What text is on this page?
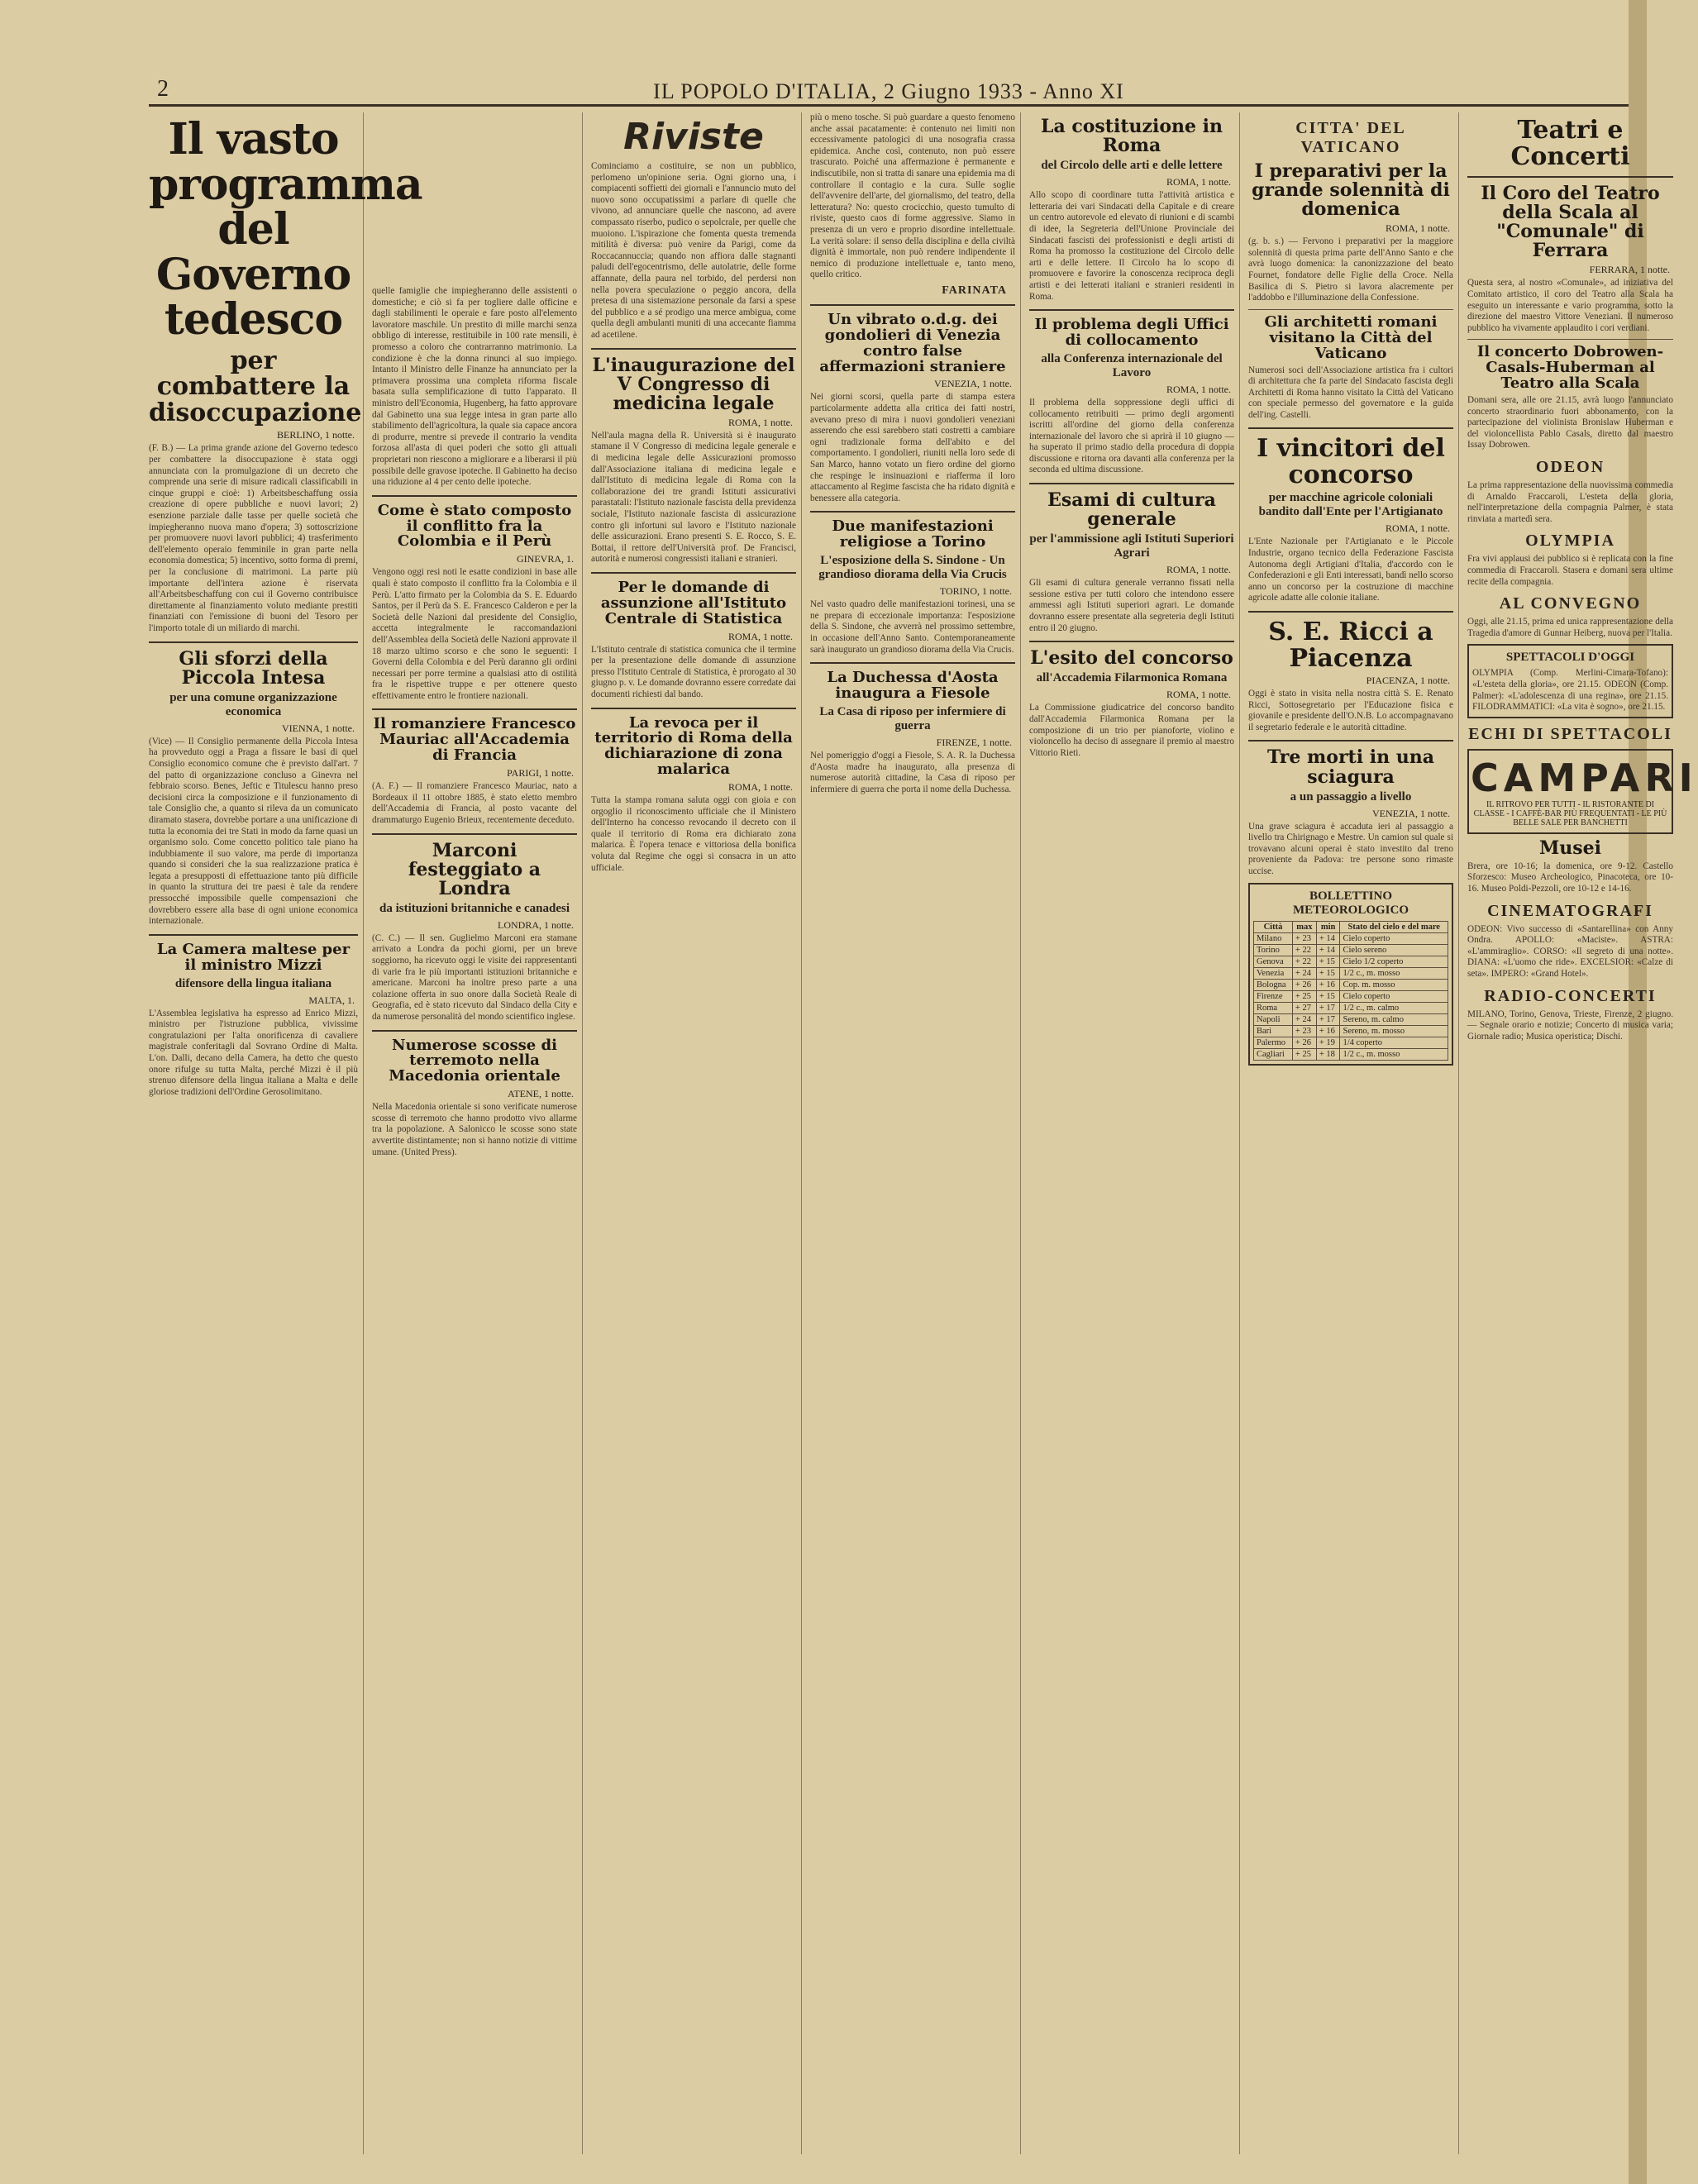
2	IL POPOLO D'ITALIA, 2 Giugno 1933 - Anno XI
Il vasto programma del Governo tedesco
per combattere la disoccupazione
BERLINO, 1 notte.
(F. B.) — La prima grande azione del Governo tedesco per combattere la disoccupazione è stata oggi annunciata con la promulgazione di un decreto che comprende una serie di misure radicali classificabili in cinque gruppi e cioè: 1) Arbeitsbeschaffung ossia creazione di opere pubbliche e nuovi lavori; 2) esenzione parziale dalle tasse per quelle società che impiegheranno nuova mano d'opera; 3) sottoscrizione per promuovere nuovi lavori pubblici; 4) trasferimento dell'elemento operaio femminile in gran parte nella economia domestica; 5) incentivo, sotto forma di premi, per la conclusione di matrimoni. La parte più importante dell'intera azione è riservata all'Arbeitsbeschaffung con cui il Governo contribuisce direttamente al finanziamento voluto mediante prestiti finanziati con l'emissione di buoni del Tesoro per l'importo totale di un miliardo di marchi.
Gli sforzi della Piccola Intesa
per una comune organizzazione economica
VIENNA, 1 notte.
(Vice) — Il Consiglio permanente della Piccola Intesa ha provveduto oggi a Praga a fissare le basi di quel Consiglio economico comune che è previsto dall'art. 7 del patto di organizzazione concluso a Ginevra nel febbraio scorso. Benes, Jeftic e Titulescu hanno preso decisioni circa la composizione e il funzionamento di tale Consiglio che, a quanto si rileva da un comunicato diramato stasera, dovrebbe portare a una unificazione di tutta la economia dei tre Stati in modo da farne quasi un organismo solo. Come concetto politico tale piano ha indubbiamente il suo valore, ma perde di importanza quando si consideri che la sua realizzazione pratica è legata a presupposti di effettuazione tanto più difficile in quanto la struttura dei tre paesi è tale da rendere pressocché impossibile quelle compensazioni che dovrebbero essere alla base di ogni unione economica internazionale.
La Camera maltese per il ministro Mizzi
difensore della lingua italiana
MALTA, 1.
L'Assemblea legislativa ha espresso ad Enrico Mizzi, ministro per l'istruzione pubblica, vivissime congratulazioni per l'alta onorificenza di cavaliere magistrale conferitagli dal Sovrano Ordine di Malta. L'on. Dalli, decano della Camera, ha detto che questo onore rifulge su tutta Malta, perché Mizzi è il più strenuo difensore della lingua italiana a Malta e delle gloriose tradizioni dell'Ordine Gerosolimitano.
quelle famiglie che impiegheranno delle assistenti o domestiche; e ciò si fa per togliere dalle officine e dagli stabilimenti le operaie e fare posto all'elemento lavoratore maschile. Un prestito di mille marchi senza obbligo di interesse, restituibile in 100 rate mensili, è promesso a coloro che contrarranno matrimonio. La condizione è che la donna rinunci al suo impiego. Intanto il Ministro delle Finanze ha annunciato per la primavera prossima una completa riforma fiscale basata sulla semplificazione di tutto l'apparato. Il ministro dell'Economia, Hugenberg, ha fatto approvare dal Gabinetto una sua legge intesa in gran parte allo stabilimento dell'agricoltura, la quale sia capace ancora di produrre, mentre si prevede il contrario la vendita forzosa all'asta di quei poderi che sotto gli attuali proprietari non riescono a migliorare e a liberarsi il più possibile delle gravose ipoteche. Il Gabinetto ha deciso una riduzione al 4 per cento delle ipoteche.
Come è stato composto il conflitto fra la Colombia e il Perù
GINEVRA, 1.
Vengono oggi resi noti le esatte condizioni in base alle quali è stato composto il conflitto fra la Colombia e il Perù. L'atto firmato per la Colombia da S. E. Eduardo Santos, per il Perù da S. E. Francesco Calderon e per la Società delle Nazioni dal presidente del Consiglio, accetta integralmente le raccomandazioni dell'Assemblea della Società delle Nazioni approvate il 18 marzo ultimo scorso e che sono le seguenti: I Governi della Colombia e del Perù daranno gli ordini necessari per porre termine a qualsiasi atto di ostilità fra le rispettive truppe e per ottenere questo effettivamente entro le frontiere nazionali.
Il romanziere Francesco Mauriac all'Accademia di Francia
PARIGI, 1 notte.
(A. F.) — Il romanziere Francesco Mauriac, nato a Bordeaux il 11 ottobre 1885, è stato eletto membro dell'Accademia di Francia, al posto vacante del drammaturgo Eugenio Brieux, recentemente deceduto.
Marconi festeggiato a Londra
da istituzioni britanniche e canadesi
LONDRA, 1 notte.
(C. C.) — Il sen. Guglielmo Marconi era stamane arrivato a Londra da pochi giorni, per un breve soggiorno, ha ricevuto oggi le visite dei rappresentanti di varie fra le più importanti istituzioni britanniche e americane. Marconi ha inoltre preso parte a una colazione offerta in suo onore dalla Società Reale di Geografia, ed è stato ricevuto dal Sindaco della City e da numerose personalità del mondo scientifico inglese.
Numerose scosse di terremoto nella Macedonia orientale
ATENE, 1 notte.
Nella Macedonia orientale si sono verificate numerose scosse di terremoto che hanno prodotto vivo allarme tra la popolazione. A Salonicco le scosse sono state avvertite distintamente; non si hanno notizie di vittime umane. (United Press).
Riviste
Cominciamo a costituire, se non un pubblico, perlomeno un'opinione seria. Ogni giorno una, i compiacenti soffietti dei giornali e l'annuncio muto del nuovo sono occupatissimi a parlare di quelle che vivono, ad annunciare quelle che nascono, ad avere compassato riserbo, pudico o sepolcrale, per quelle che muoiono. L'ispirazione che fomenta questa tremenda mitilità è diversa: può venire da Parigi, come da Roccacannuccia; quando non affiora dalle stagnanti paludi dell'egocentrismo, delle autolatrie, delle forme affannate, della paura nel torbido, del perdersi non nella povera speculazione o peggio ancora, della pretesa di una sistemazione personale da farsi a spese del pubblico e a sé prodigo una merce ambigua, come quella degli ambulanti muniti di una accecante fiamma ad acetilene.
L'inaugurazione del V Congresso di medicina legale
ROMA, 1 notte.
Nell'aula magna della R. Università si è inaugurato stamane il V Congresso di medicina legale generale e di medicina legale delle Assicurazioni promosso dall'Associazione italiana di medicina legale e dall'Istituto di medicina legale di Roma con la collaborazione dei tre grandi Istituti assicurativi parastatali: l'Istituto nazionale fascista della previdenza sociale, l'Istituto nazionale fascista di assicurazione contro gli infortuni sul lavoro e l'Istituto nazionale delle assicurazioni. Erano presenti S. E. Rocco, S. E. Bottai, il rettore dell'Università prof. De Francisci, autorità e numerosi congressisti italiani e stranieri.
Per le domande di assunzione all'Istituto Centrale di Statistica
ROMA, 1 notte.
L'Istituto centrale di statistica comunica che il termine per la presentazione delle domande di assunzione presso l'Istituto Centrale di Statistica, è prorogato al 30 giugno p. v. Le domande dovranno essere corredate dai documenti richiesti dal bando.
La revoca per il territorio di Roma della dichiarazione di zona malarica
ROMA, 1 notte.
Tutta la stampa romana saluta oggi con gioia e con orgoglio il riconoscimento ufficiale che il Ministero dell'Interno ha concesso revocando il decreto con il quale il territorio di Roma era dichiarato zona malarica. È l'opera tenace e vittoriosa della bonifica voluta dal Regime che oggi si consacra in un atto ufficiale.
più o meno tosche. Si può guardare a questo fenomeno anche assai pacatamente: è contenuto nei limiti non eccessivamente patologici di una nosografia crassa epidemica. Anche così, contenuto, non può essere trascurato. Poiché una affermazione è permanente e indiscutibile, non si tratta di sanare una epidemia ma di controllare il contagio e la cura. Sulle soglie dell'avvenire dell'arte, del giornalismo, del teatro, della letteratura? No: questo crocicchio, questo tumulto di riviste, questo caos di forme aggressive. Siamo in presenza di un vero e proprio disordine intellettuale. La verità solare: il senso della disciplina e della civiltà dignità è immortale, non può rendere indipendente il nemico di produzione intellettuale e, tanto meno, quello critico.
FARINATA
Un vibrato o.d.g. dei gondolieri di Venezia contro false affermazioni straniere
VENEZIA, 1 notte.
Nei giorni scorsi, quella parte di stampa estera particolarmente addetta alla critica dei fatti nostri, avevano preso di mira i nuovi gondolieri veneziani asserendo che essi sarebbero stati costretti a cambiare ogni tradizionale forma dell'abito e del comportamento. I gondolieri, riuniti nella loro sede di San Marco, hanno votato un fiero ordine del giorno che respinge le insinuazioni e riafferma il loro attaccamento al Regime fascista che ha ridato dignità e benessere alla categoria.
Due manifestazioni religiose a Torino
L'esposizione della S. Sindone - Un grandioso diorama della Via Crucis
TORINO, 1 notte.
Nel vasto quadro delle manifestazioni torinesi, una se ne prepara di eccezionale importanza: l'esposizione della S. Sindone, che avverrà nel prossimo settembre, in occasione dell'Anno Santo. Contemporaneamente sarà inaugurato un grandioso diorama della Via Crucis.
La Duchessa d'Aosta inaugura a Fiesole
La Casa di riposo per infermiere di guerra
FIRENZE, 1 notte.
Nel pomeriggio d'oggi a Fiesole, S. A. R. la Duchessa d'Aosta madre ha inaugurato, alla presenza di numerose autorità cittadine, la Casa di riposo per infermiere di guerra che porta il nome della Duchessa.
La costituzione in Roma
del Circolo delle arti e delle lettere
ROMA, 1 notte.
Allo scopo di coordinare tutta l'attività artistica e letteraria dei vari Sindacati della Capitale e di creare un centro autorevole ed elevato di riunioni e di scambi di idee, la Segreteria dell'Unione Provinciale dei Sindacati fascisti dei professionisti e degli artisti di Roma ha promosso la costituzione del Circolo delle arti e delle lettere. Il Circolo ha lo scopo di promuovere e favorire la conoscenza reciproca degli artisti e dei letterati italiani e stranieri residenti in Roma.
Il problema degli Uffici di collocamento
alla Conferenza internazionale del Lavoro
ROMA, 1 notte.
Il problema della soppressione degli uffici di collocamento retribuiti — primo degli argomenti iscritti all'ordine del giorno della conferenza internazionale del lavoro che si aprirà il 10 giugno — ha superato il primo stadio della procedura di doppia discussione e ritorna ora davanti alla conferenza per la seconda ed ultima discussione.
Esami di cultura generale
per l'ammissione agli Istituti Superiori Agrari
ROMA, 1 notte.
Gli esami di cultura generale verranno fissati nella sessione estiva per tutti coloro che intendono essere ammessi agli Istituti superiori agrari. Le domande dovranno essere presentate alla segreteria degli Istituti entro il 20 giugno.
L'esito del concorso
all'Accademia Filarmonica Romana
ROMA, 1 notte.
La Commissione giudicatrice del concorso bandito dall'Accademia Filarmonica Romana per la composizione di un trio per pianoforte, violino e violoncello ha deciso di assegnare il premio al maestro Vittorio Rieti.
CITTA' DEL VATICANO
I preparativi per la grande solennità di domenica
ROMA, 1 notte.
(g. b. s.) — Fervono i preparativi per la maggiore solennità di questa prima parte dell'Anno Santo e che avrà luogo domenica: la canonizzazione del beato Fournet, fondatore delle Figlie della Croce. Nella Basilica di S. Pietro si lavora alacremente per l'addobbo e l'illuminazione della Confessione.
Gli architetti romani visitano la Città del Vaticano
Numerosi soci dell'Associazione artistica fra i cultori di architettura che fa parte del Sindacato fascista degli Architetti di Roma hanno visitato la Città del Vaticano con speciale permesso del governatore e la guida dell'ing. Castelli.
I vincitori del concorso
per macchine agricole coloniali bandito dall'Ente per l'Artigianato
ROMA, 1 notte.
L'Ente Nazionale per l'Artigianato e le Piccole Industrie, organo tecnico della Federazione Fascista Autonoma degli Artigiani d'Italia, d'accordo con le Confederazioni e gli Enti interessati, bandì nello scorso anno un concorso per la costruzione di macchine agricole adatte alle colonie italiane.
S. E. Ricci a Piacenza
PIACENZA, 1 notte.
Oggi è stato in visita nella nostra città S. E. Renato Ricci, Sottosegretario per l'Educazione fisica e giovanile e presidente dell'O.N.B. Lo accompagnavano il segretario federale e le autorità cittadine.
Tre morti in una sciagura
a un passaggio a livello
VENEZIA, 1 notte.
Una grave sciagura è accaduta ieri al passaggio a livello tra Chirignago e Mestre. Un camion sul quale si trovavano alcuni operai è stato investito dal treno proveniente da Padova: tre persone sono rimaste uccise.
BOLLETTINO METEOROLOGICO
Città	max	min	Stato del cielo e del mare
Milano	+ 23	+ 14	Cielo coperto
Torino	+ 22	+ 14	Cielo sereno
Genova	+ 22	+ 15	Cielo 1/2 coperto
Venezia	+ 24	+ 15	1/2 c., m. mosso
Bologna	+ 26	+ 16	Cop. m. mosso
Firenze	+ 25	+ 15	Cielo coperto
Roma	+ 27	+ 17	1/2 c., m. calmo
Napoli	+ 24	+ 17	Sereno, m. calmo
Bari	+ 23	+ 16	Sereno, m. mosso
Palermo	+ 26	+ 19	1/4 coperto
Cagliari	+ 25	+ 18	1/2 c., m. mosso
Teatri e Concerti
Il Coro del Teatro della Scala al "Comunale" di Ferrara
FERRARA, 1 notte.
Questa sera, al nostro «Comunale», ad iniziativa del Comitato artistico, il coro del Teatro alla Scala ha eseguito un interessante e vario programma, sotto la direzione del maestro Vittore Veneziani. Il numeroso pubblico ha vivamente applaudito i cori verdiani.
Il concerto Dobrowen-Casals-Huberman al Teatro alla Scala
Domani sera, alle ore 21.15, avrà luogo l'annunciato concerto straordinario fuori abbonamento, con la partecipazione del violinista Bronislaw Huberman e del violoncellista Pablo Casals, diretto dal maestro Issay Dobrowen.
ODEON
La prima rappresentazione della nuovissima commedia di Arnaldo Fraccaroli, L'esteta della gloria, nell'interpretazione della compagnia Palmer, è stata rinviata a martedì sera.
OLYMPIA
Fra vivi applausi dei pubblico si è replicata con la fine commedia di Fraccaroli. Stasera e domani sera ultime recite della compagnia.
AL CONVEGNO
Oggi, alle 21.15, prima ed unica rappresentazione della Tragedia d'amore di Gunnar Heiberg, nuova per l'Italia.
SPETTACOLI D'OGGI
OLYMPIA (Comp. Merlini-Cimara-Tofano): «L'esteta della gloria», ore 21.15. ODEON (Comp. Palmer): «L'adolescenza di una regina», ore 21.15. FILODRAMMATICI: «La vita è sogno», ore 21.15.
ECHI DI SPETTACOLI
CAMPARI
IL RITROVO PER TUTTI - IL RISTORANTE DI CLASSE - I CAFFÈ-BAR PIÙ FREQUENTATI - LE PIÙ BELLE SALE PER BANCHETTI
Musei
Brera, ore 10-16; la domenica, ore 9-12. Castello Sforzesco: Museo Archeologico, Pinacoteca, ore 10-16. Museo Poldi-Pezzoli, ore 10-12 e 14-16.
CINEMATOGRAFI
ODEON: Vivo successo di «Santarellina» con Anny Ondra. APOLLO: «Maciste». ASTRA: «L'ammiraglio». CORSO: «Il segreto di una notte». DIANA: «L'uomo che ride». EXCELSIOR: «Calze di seta». IMPERO: «Grand Hotel».
RADIO-CONCERTI
MILANO, Torino, Genova, Trieste, Firenze, 2 giugno. — Segnale orario e notizie; Concerto di musica varia; Giornale radio; Musica operistica; Dischi.
